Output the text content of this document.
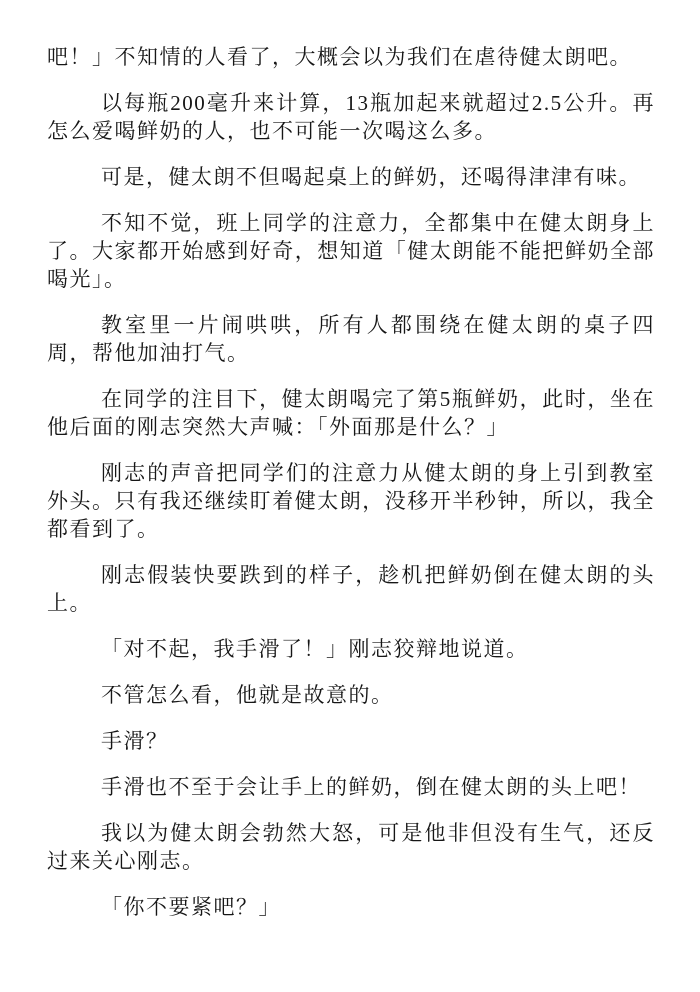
吧！」不知情的人看了，大概会以为我们在虐待健太朗吧。

以每瓶200毫升来计算，13瓶加起来就超过2.5公升。再怎么爱喝鲜奶的人，也不可能一次喝这么多。

可是，健太朗不但喝起桌上的鲜奶，还喝得津津有味。

不知不觉，班上同学的注意力，全都集中在健太朗身上了。大家都开始感到好奇，想知道「健太朗能不能把鲜奶全部喝光」。

教室里一片闹哄哄，所有人都围绕在健太朗的桌子四周，帮他加油打气。

在同学的注目下，健太朗喝完了第5瓶鲜奶，此时，坐在他后面的刚志突然大声喊：「外面那是什么？」

刚志的声音把同学们的注意力从健太朗的身上引到教室外头。只有我还继续盯着健太朗，没移开半秒钟，所以，我全都看到了。

刚志假装快要跌到的样子，趁机把鲜奶倒在健太朗的头上。

「对不起，我手滑了！」刚志狡辩地说道。

不管怎么看，他就是故意的。

手滑？

手滑也不至于会让手上的鲜奶，倒在健太朗的头上吧！

我以为健太朗会勃然大怒，可是他非但没有生气，还反过来关心刚志。

「你不要紧吧？」
